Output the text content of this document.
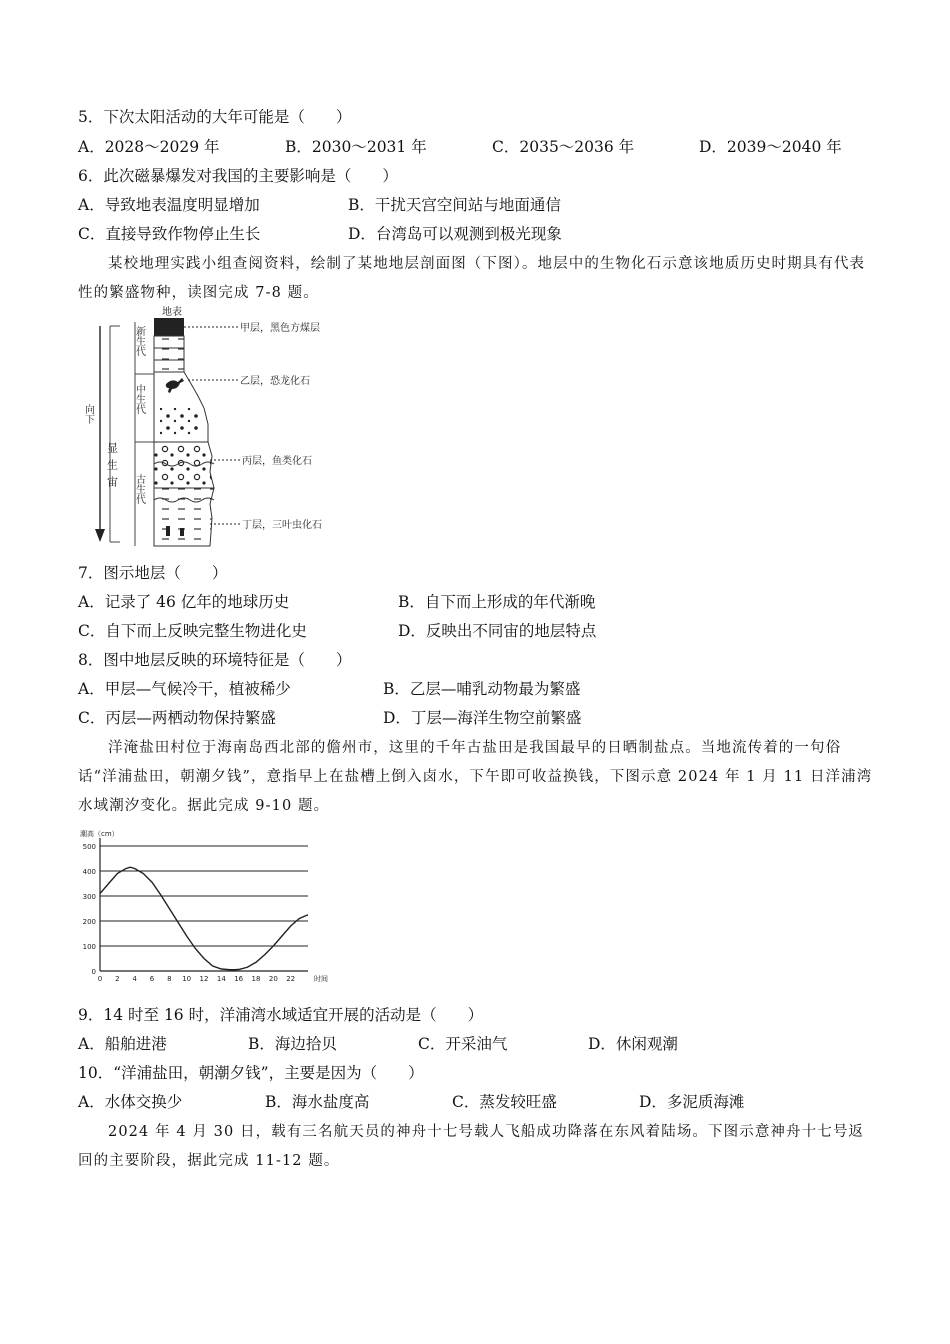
5．下次太阳活动的大年可能是（　　）
A．2028～2029 年	B．2030～2031 年	C．2035～2036 年	D．2039～2040 年
6．此次磁暴爆发对我国的主要影响是（　　）
A．导致地表温度明显增加	B．干扰天宫空间站与地面通信
C．直接导致作物停止生长	D．台湾岛可以观测到极光现象
某校地理实践小组查阅资料，绘制了某地地层剖面图（下图）。地层中的生物化石示意该地质历史时期具有代表性的繁盛物种，读图完成 7-8 题。
向下
显生宙
新生代
中生代
古生代
地表
甲层，黑色方煤层
乙层，恐龙化石
丙层，鱼类化石
丁层，三叶虫化石
7．图示地层（　　）
A．记录了 46 亿年的地球历史	B．自下而上形成的年代渐晚
C．自下而上反映完整生物进化史	D．反映出不同宙的地层特点
8．图中地层反映的环境特征是（　　）
A．甲层—气候冷干，植被稀少	B．乙层—哺乳动物最为繁盛
C．丙层—两栖动物保持繁盛	D．丁层—海洋生物空前繁盛
洋淹盐田村位于海南岛西北部的儋州市，这里的千年古盐田是我国最早的日晒制盐点。当地流传着的一句俗话“洋浦盐田，朝潮夕钱”，意指早上在盐槽上倒入卤水，下午即可收益换钱，下图示意 2024 年 1 月 11 日洋浦湾水域潮汐变化。据此完成 9-10 题。
0
100
200
300
400
500
0 2 4 6 8 10 12 14 16 18 20 22
潮高（cm）
时间
9．14 时至 16 时，洋浦湾水域适宜开展的活动是（　　）
A．船舶进港	B．海边拾贝	C．开采油气	D．休闲观潮
10．“洋浦盐田，朝潮夕钱”，主要是因为（　　）
A．水体交换少	B．海水盐度高	C．蒸发较旺盛	D．多泥质海滩
2024 年 4 月 30 日，载有三名航天员的神舟十七号载人飞船成功降落在东风着陆场。下图示意神舟十七号返回的主要阶段，据此完成 11-12 题。
